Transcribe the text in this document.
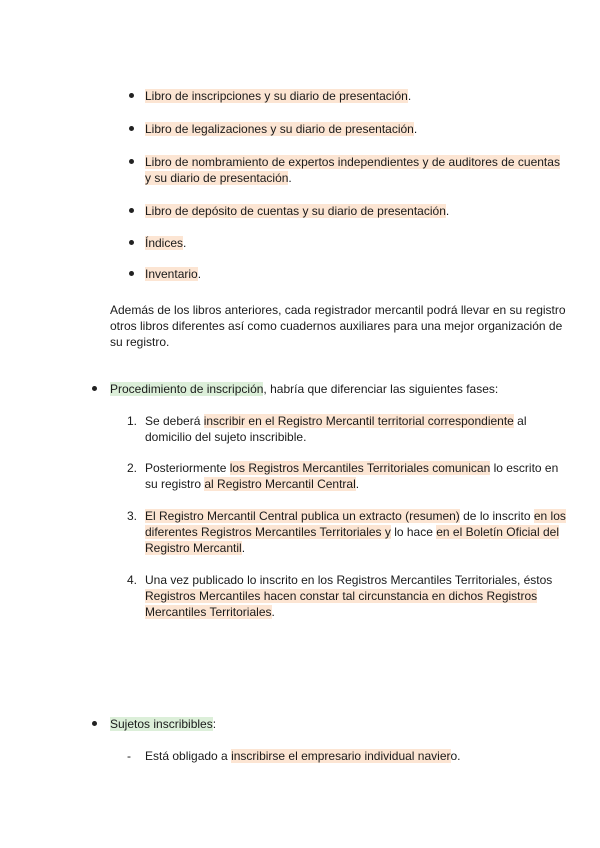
Libro de inscripciones y su diario de presentación.
Libro de legalizaciones y su diario de presentación.
Libro de nombramiento de expertos independientes y de auditores de cuentas
y su diario de presentación.
Libro de depósito de cuentas y su diario de presentación.
Índices.
Inventario.
Además de los libros anteriores, cada registrador mercantil podrá llevar en su registro
otros libros diferentes así como cuadernos auxiliares para una mejor organización de
su registro.
Procedimiento de inscripción, habría que diferenciar las siguientes fases:
1. Se deberá inscribir en el Registro Mercantil territorial correspondiente al
domicilio del sujeto inscribible.
2. Posteriormente los Registros Mercantiles Territoriales comunican lo escrito en
su registro al Registro Mercantil Central.
3. El Registro Mercantil Central publica un extracto (resumen) de lo inscrito en los
diferentes Registros Mercantiles Territoriales y lo hace en el Boletín Oficial del
Registro Mercantil.
4. Una vez publicado lo inscrito en los Registros Mercantiles Territoriales, éstos
Registros Mercantiles hacen constar tal circunstancia en dichos Registros
Mercantiles Territoriales.
Sujetos inscribibles:
- Está obligado a inscribirse el empresario individual naviero.
